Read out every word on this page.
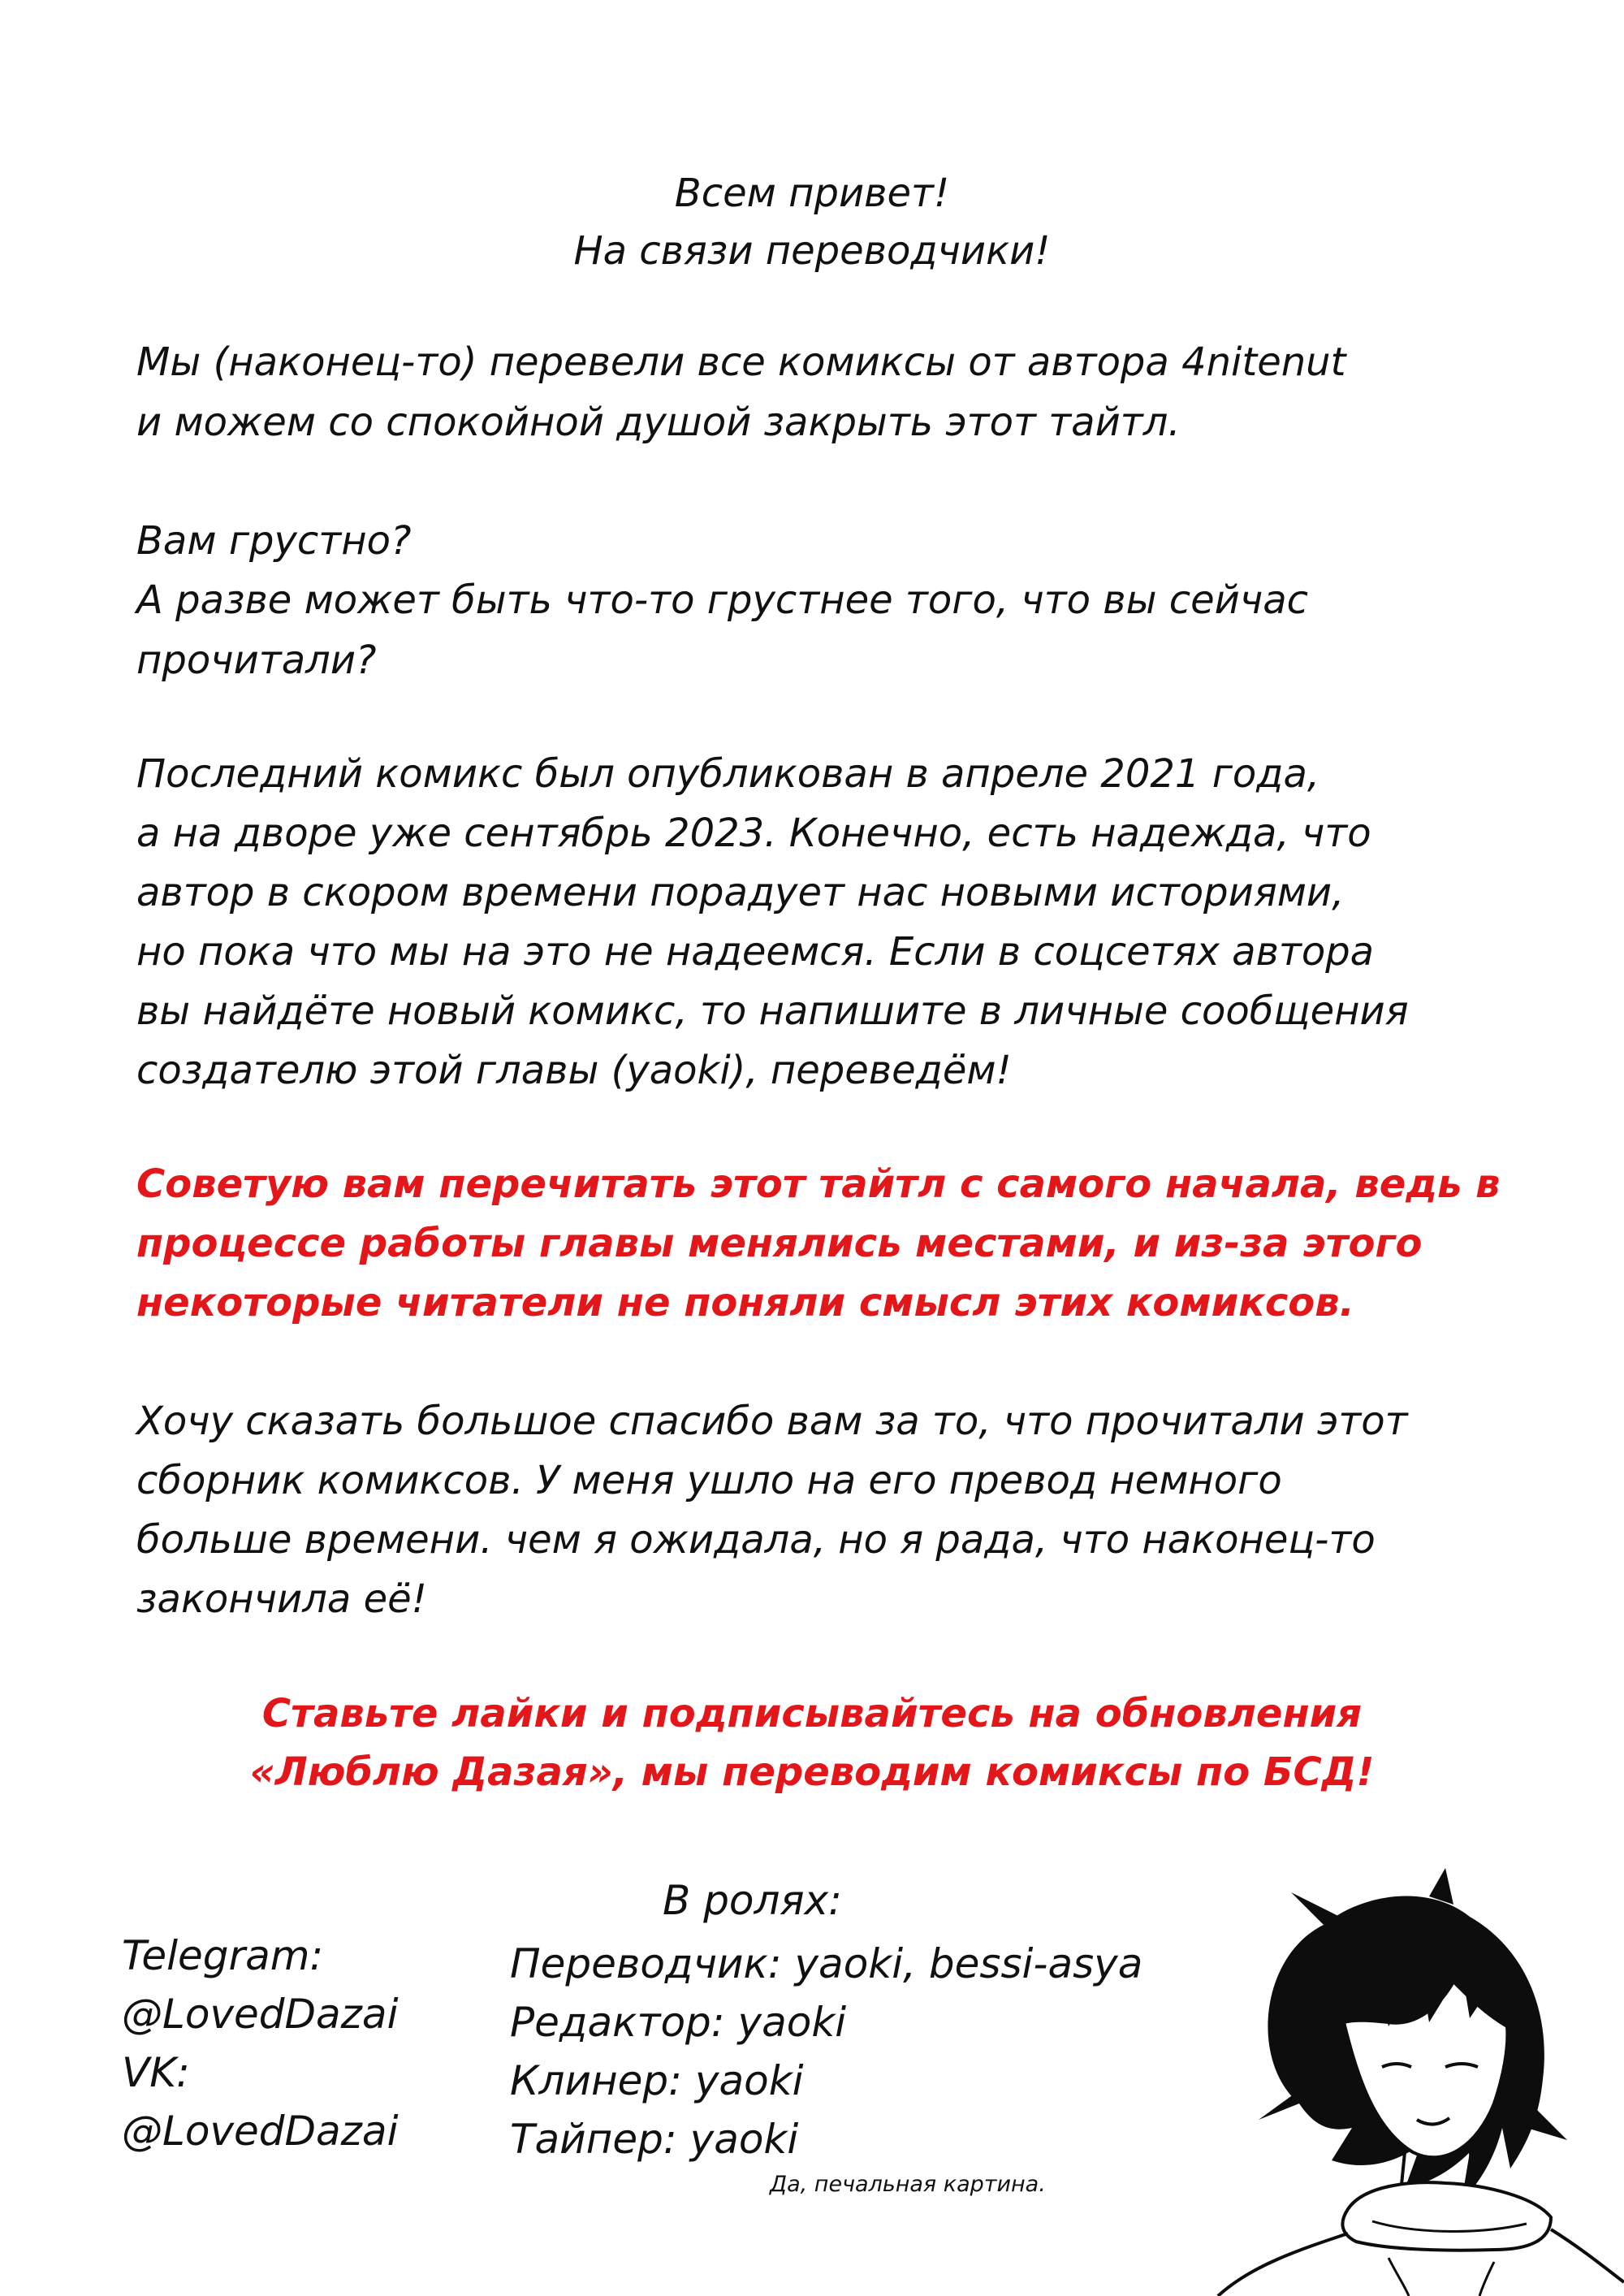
Всем привет!
На связи переводчики!
Мы (наконец-то) перевели все комиксы от автора 4nitenut
и можем со спокойной душой закрыть этот тайтл.
Вам грустно?
А разве может быть что-то грустнее того, что вы сейчас
прочитали?
Последний комикс был опубликован в апреле 2021 года,
а на дворе уже сентябрь 2023. Конечно, есть надежда, что
автор в скором времени порадует нас новыми историями,
но пока что мы на это не надеемся. Если в соцсетях автора
вы найдёте новый комикс, то напишите в личные сообщения
создателю этой главы (yaoki), переведём!
Советую вам перечитать этот тайтл с самого начала, ведь в
процессе работы главы менялись местами, и из-за этого
некоторые читатели не поняли смысл этих комиксов.
Хочу сказать большое спасибо вам за то, что прочитали этот
сборник комиксов. У меня ушло на его превод немного
больше времени. чем я ожидала, но я рада, что наконец-то
закончила её!
Ставьте лайки и подписывайтесь на обновления
«Люблю Дазая», мы переводим комиксы по БСД!
Telegram:
@LovedDazai
VK:
@LovedDazai
В ролях:
Переводчик: yaoki, bessi-asya
Редактор: yaoki
Клинер: yaoki
Тайпер: yaoki
Да, печальная картина.
